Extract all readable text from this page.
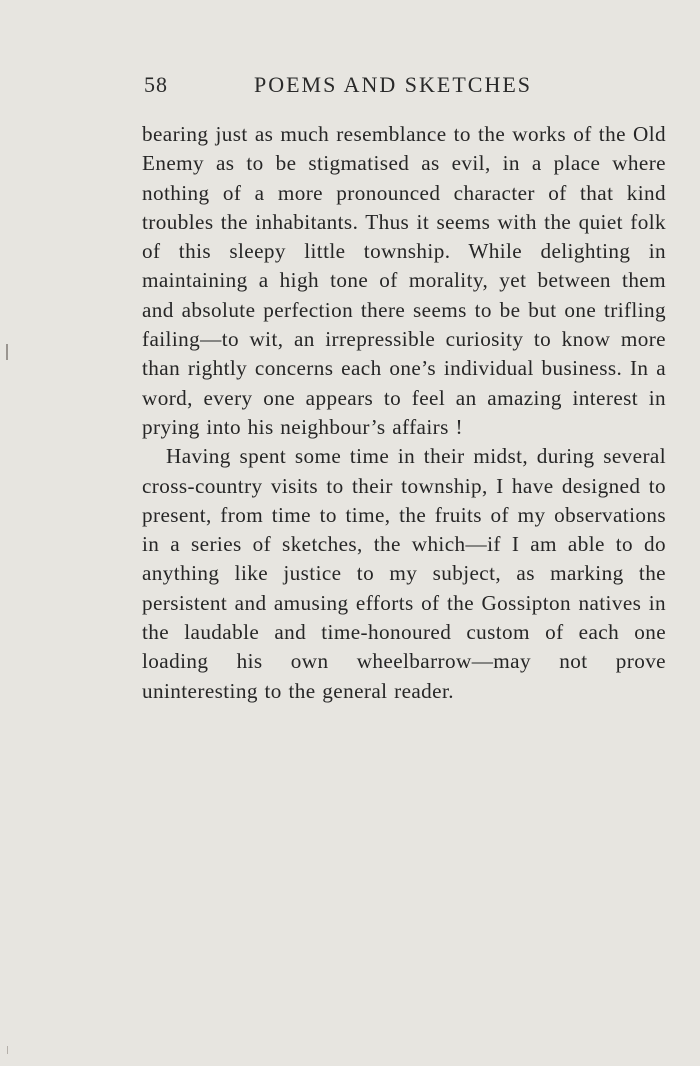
58	POEMS AND SKETCHES

bearing just as much resemblance to the works of the Old Enemy as to be stigmatised as evil, in a place where nothing of a more pronounced character of that kind troubles the inhabitants. Thus it seems with the quiet folk of this sleepy little township. While delighting in maintaining a high tone of morality, yet between them and absolute perfection there seems to be but one trifling failing—to wit, an irrepressible curiosity to know more than rightly concerns each one’s individual business. In a word, every one appears to feel an amazing interest in prying into his neighbour’s affairs !

Having spent some time in their midst, during several cross-country visits to their township, I have designed to present, from time to time, the fruits of my observations in a series of sketches, the which—if I am able to do anything like justice to my subject, as marking the persistent and amusing efforts of the Gossipton natives in the laudable and time-honoured custom of each one loading his own wheelbarrow—may not prove uninteresting to the general reader.
